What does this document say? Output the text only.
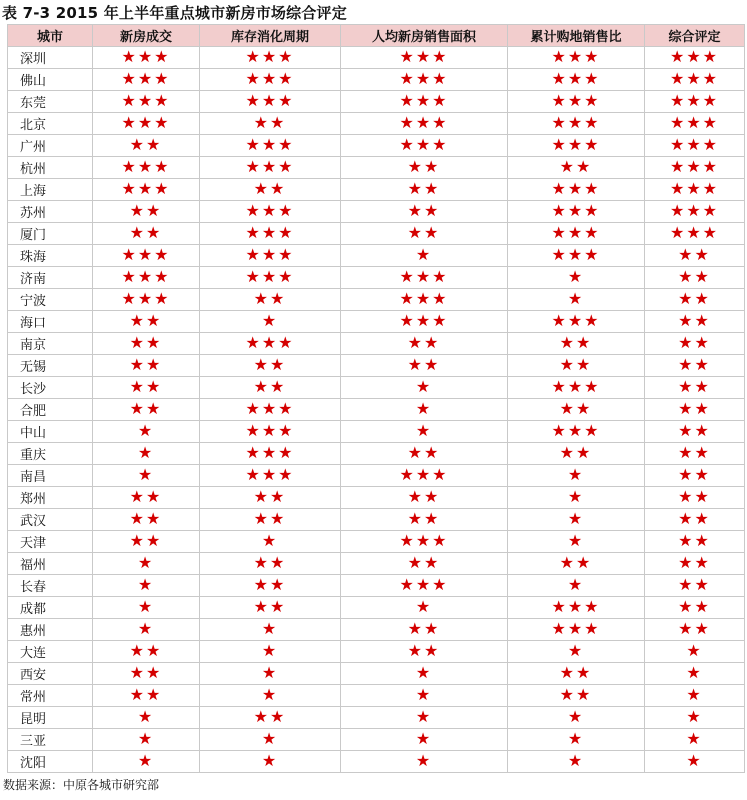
表 7-3 2015 年上半年重点城市新房市场综合评定
城市	新房成交	库存消化周期	人均新房销售面积	累计购地销售比	综合评定
深圳	★★★	★★★	★★★	★★★	★★★
佛山	★★★	★★★	★★★	★★★	★★★
东莞	★★★	★★★	★★★	★★★	★★★
北京	★★★	★★	★★★	★★★	★★★
广州	★★	★★★	★★★	★★★	★★★
杭州	★★★	★★★	★★	★★	★★★
上海	★★★	★★	★★	★★★	★★★
苏州	★★	★★★	★★	★★★	★★★
厦门	★★	★★★	★★	★★★	★★★
珠海	★★★	★★★	★	★★★	★★
济南	★★★	★★★	★★★	★	★★
宁波	★★★	★★	★★★	★	★★
海口	★★	★	★★★	★★★	★★
南京	★★	★★★	★★	★★	★★
无锡	★★	★★	★★	★★	★★
长沙	★★	★★	★	★★★	★★
合肥	★★	★★★	★	★★	★★
中山	★	★★★	★	★★★	★★
重庆	★	★★★	★★	★★	★★
南昌	★	★★★	★★★	★	★★
郑州	★★	★★	★★	★	★★
武汉	★★	★★	★★	★	★★
天津	★★	★	★★★	★	★★
福州	★	★★	★★	★★	★★
长春	★	★★	★★★	★	★★
成都	★	★★	★	★★★	★★
惠州	★	★	★★	★★★	★★
大连	★★	★	★★	★	★
西安	★★	★	★	★★	★
常州	★★	★	★	★★	★
昆明	★	★★	★	★	★
三亚	★	★	★	★	★
沈阳	★	★	★	★	★
数据来源：中原各城市研究部
